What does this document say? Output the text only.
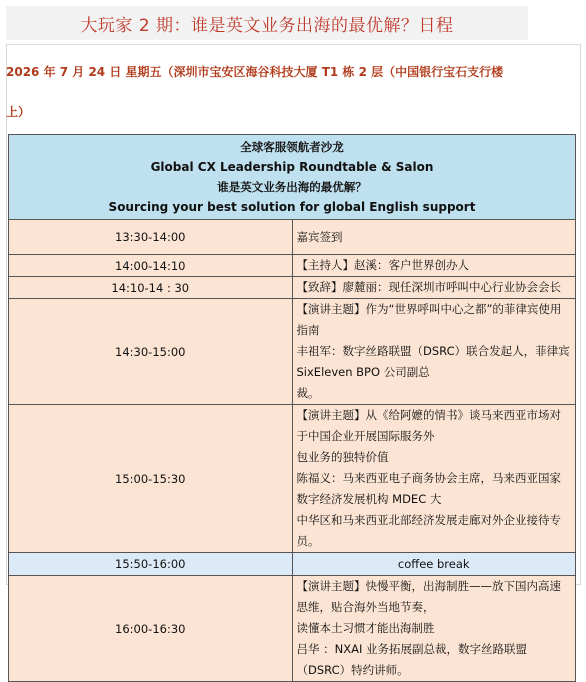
大玩家 2 期：谁是英文业务出海的最优解？日程
2026 年 7 月 24 日 星期五（深圳市宝安区海谷科技大厦 T1 栋 2 层（中国银行宝石支行楼
上）
全球客服领航者沙龙
Global CX Leadership Roundtable & Salon
谁是英文业务出海的最优解？
Sourcing your best solution for global English support	

13:30-14:00	嘉宾签到

14:00-14:10	【主持人】赵溪：客户世界创办人

14:10-14 : 30	【致辞】廖麓丽：现任深圳市呼叫中心行业协会会长

14:30-15:00	【演讲主题】作为“世界呼叫中心之都”的菲律宾使用指南
丰祖军：数字丝路联盟（DSRC）联合发起人，菲律宾 SixEleven BPO 公司副总
裁。

15:00-15:30	【演讲主题】从《给阿嬷的情书》谈马来西亚市场对于中国企业开展国际服务外
包业务的独特价值
陈福义：马来西亚电子商务协会主席，马来西亚国家数字经济发展机构 MDEC 大
中华区和马来西亚北部经济发展走廊对外企业接待专员。

15:50-16:00	coffee break

16:00-16:30	【演讲主题】快慢平衡，出海制胜——放下国内高速思维，贴合海外当地节奏，
读懂本土习惯才能出海制胜
吕华 ：NXAI 业务拓展副总裁，数字丝路联盟（DSRC）特约讲师。
